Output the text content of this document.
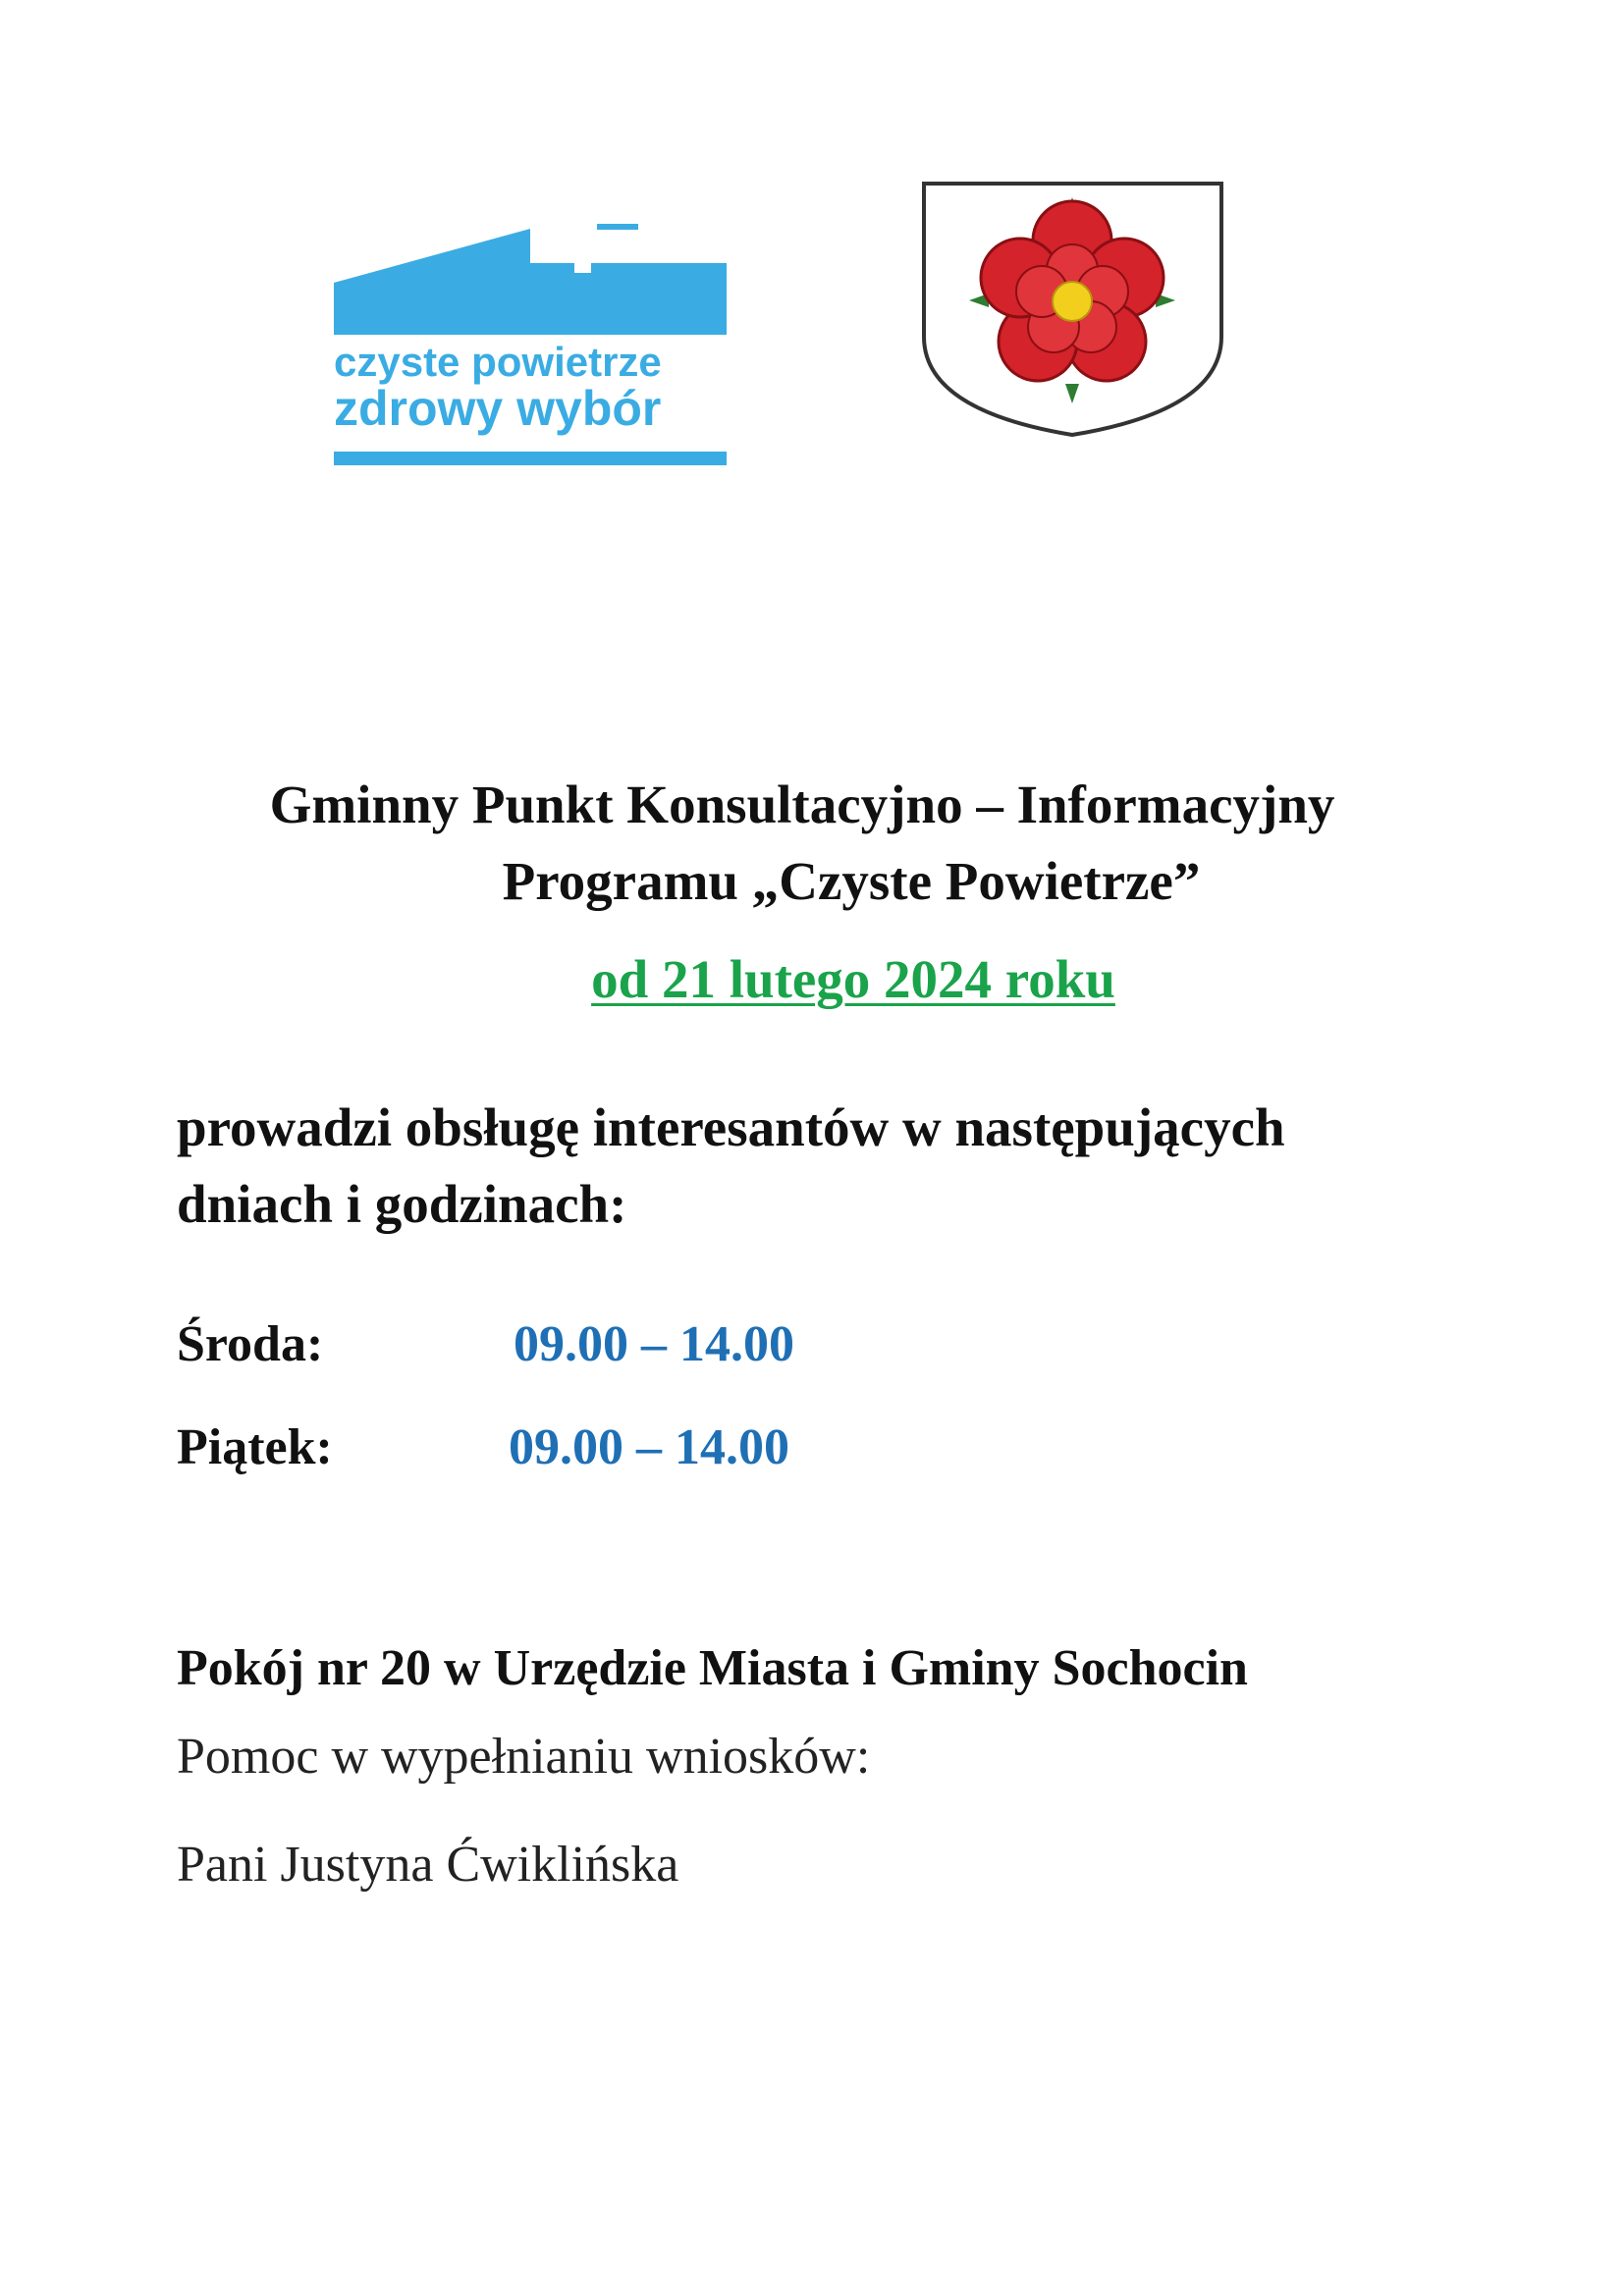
czyste powietrze
zdrowy wybór
Gminny Punkt Konsultacyjno – Informacyjny
Programu „Czyste Powietrze”
od 21 lutego 2024 roku
prowadzi obsługę interesantów w następujących
dniach i godzinach:
Środa:	09.00 – 14.00
Piątek:	09.00 – 14.00
Pokój nr 20 w Urzędzie Miasta i Gminy Sochocin
Pomoc w wypełnianiu wniosków:
Pani Justyna Ćwiklińska
